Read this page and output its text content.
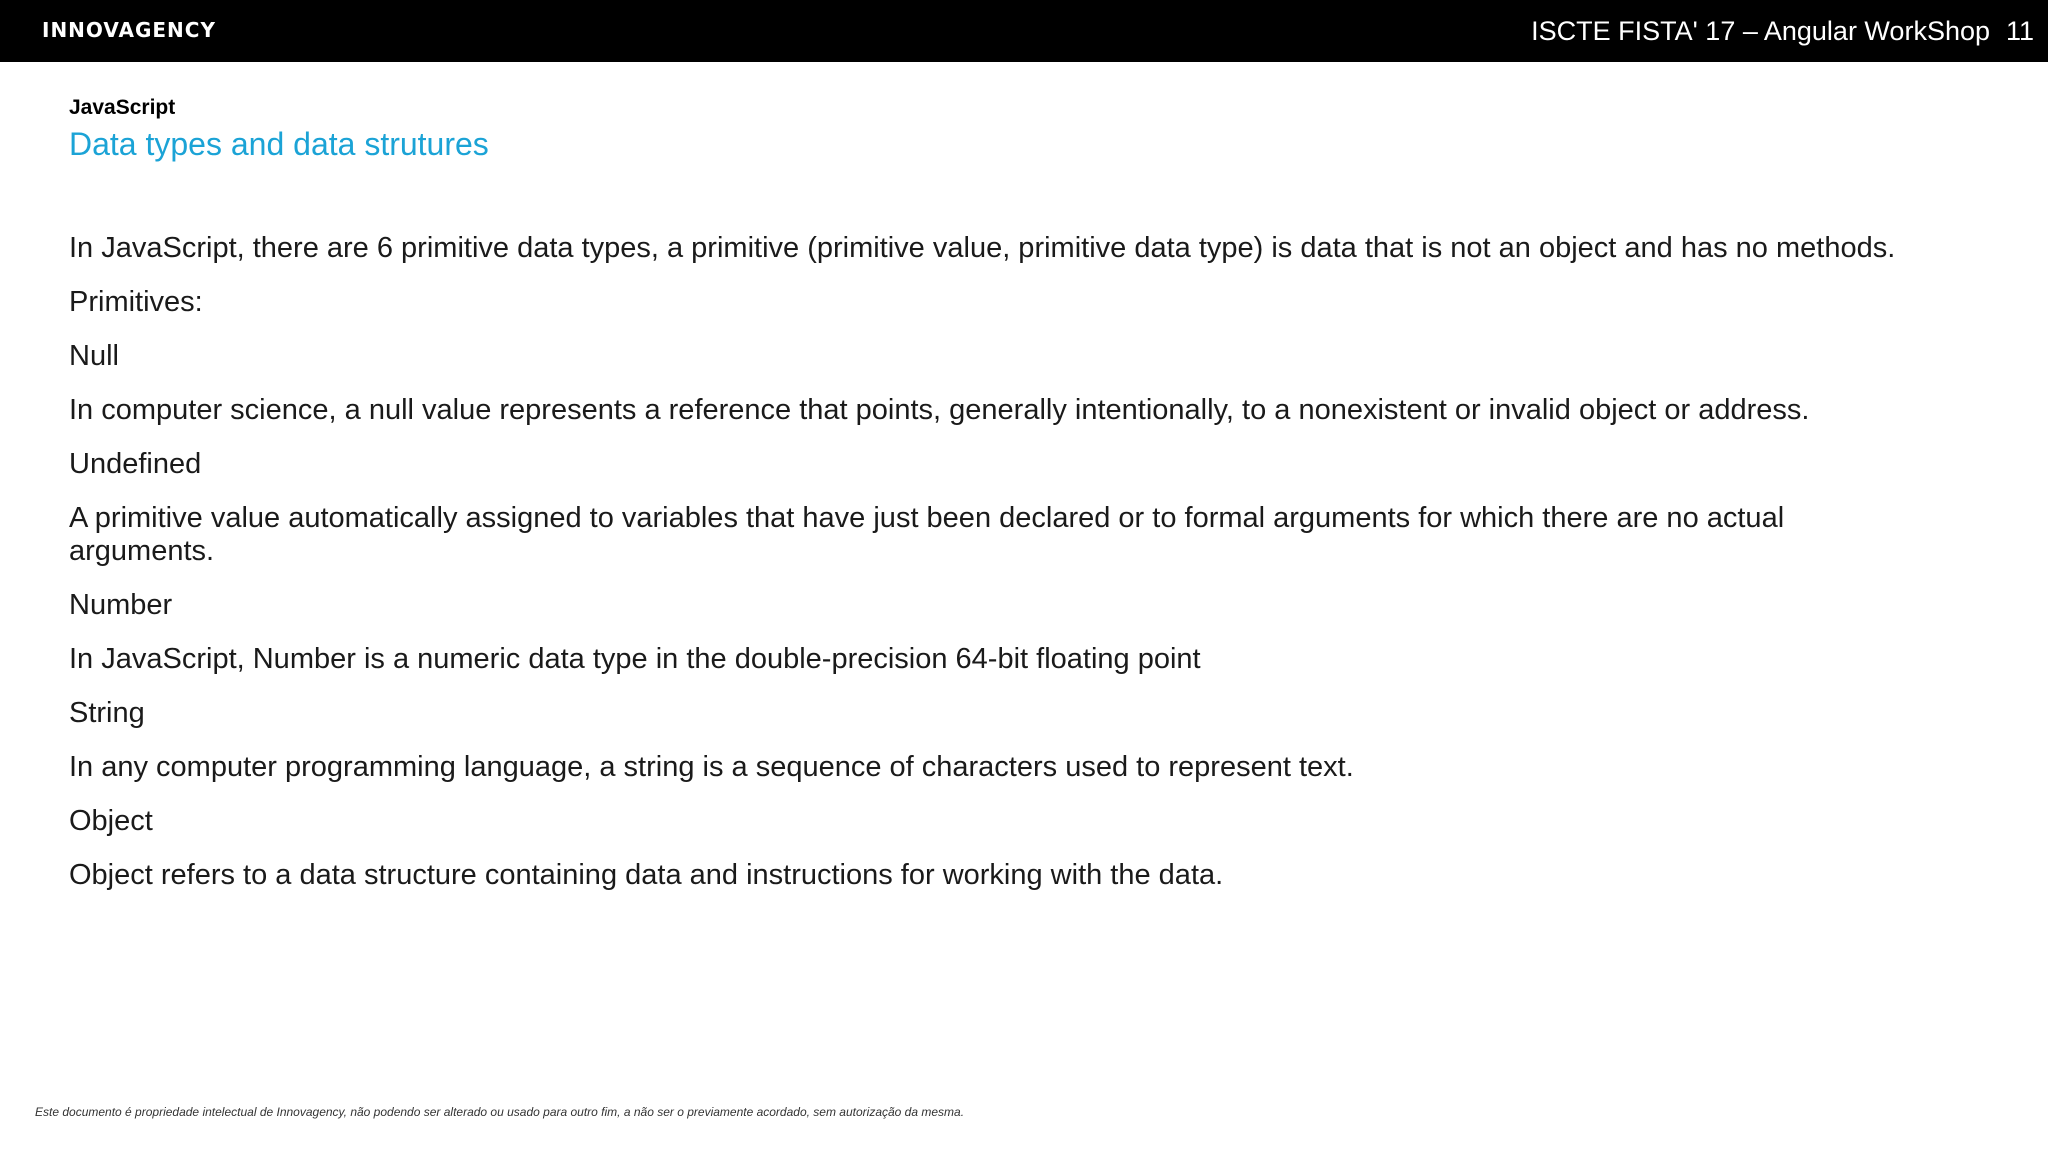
INNOVAGENCY	ISCTE FISTA' 17 – Angular WorkShop 11
JavaScript
Data types and data strutures
In JavaScript, there are 6 primitive data types, a primitive (primitive value, primitive data type) is data that is not an object and has no methods.
Primitives:
Null
In computer science, a null value represents a reference that points, generally intentionally, to a nonexistent or invalid object or address.
Undefined
A primitive value automatically assigned to variables that have just been declared or to formal arguments for which there are no actual arguments.
Number
In JavaScript, Number is a numeric data type in the double-precision 64-bit floating point
String
In any computer programming language, a string is a sequence of characters used to represent text.
Object
Object refers to a data structure containing data and instructions for working with the data.
Este documento é propriedade intelectual de Innovagency, não podendo ser alterado ou usado para outro fim, a não ser o previamente acordado, sem autorização da mesma.
